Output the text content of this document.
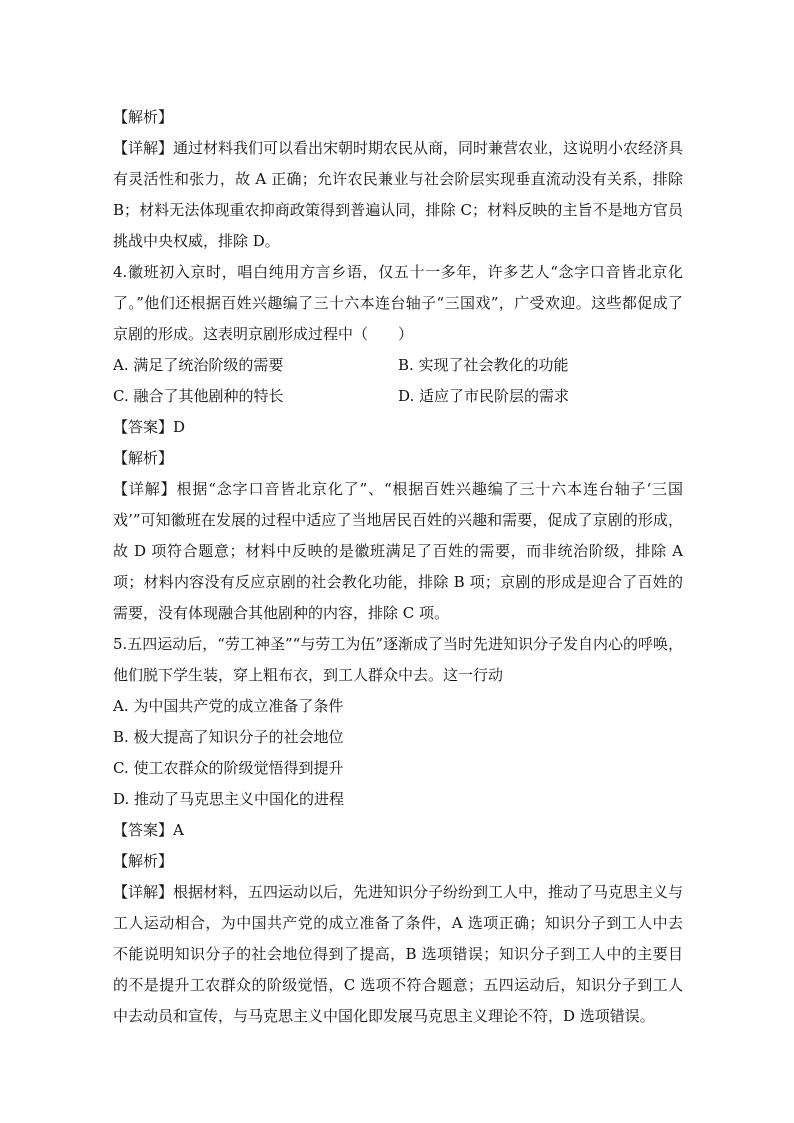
【解析】

【详解】通过材料我们可以看出宋朝时期农民从商，同时兼营农业，这说明小农经济具有灵活性和张力，故 A 正确；允许农民兼业与社会阶层实现垂直流动没有关系，排除 B；材料无法体现重农抑商政策得到普遍认同，排除 C；材料反映的主旨不是地方官员挑战中央权威，排除 D。

4.徽班初入京时，唱白纯用方言乡语，仅五十一多年，许多艺人“念字口音皆北京化了。”他们还根据百姓兴趣编了三十六本连台轴子“三国戏”，广受欢迎。这些都促成了京剧的形成。这表明京剧形成过程中（　　）

A. 满足了统治阶级的需要	B. 实现了社会教化的功能
C. 融合了其他剧种的特长	D. 适应了市民阶层的需求

【答案】D

【解析】

【详解】根据“念字口音皆北京化了”、“根据百姓兴趣编了三十六本连台轴子‘三国戏’”可知徽班在发展的过程中适应了当地居民百姓的兴趣和需要，促成了京剧的形成，故 D 项符合题意；材料中反映的是徽班满足了百姓的需要，而非统治阶级，排除 A 项；材料内容没有反应京剧的社会教化功能，排除 B 项；京剧的形成是迎合了百姓的需要，没有体现融合其他剧种的内容，排除 C 项。

5.五四运动后，“劳工神圣”“与劳工为伍”逐渐成了当时先进知识分子发自内心的呼唤，他们脱下学生装，穿上粗布衣，到工人群众中去。这一行动

A. 为中国共产党的成立准备了条件
B. 极大提高了知识分子的社会地位
C. 使工农群众的阶级觉悟得到提升
D. 推动了马克思主义中国化的进程

【答案】A

【解析】

【详解】根据材料，五四运动以后，先进知识分子纷纷到工人中，推动了马克思主义与工人运动相合，为中国共产党的成立准备了条件，A 选项正确；知识分子到工人中去不能说明知识分子的社会地位得到了提高，B 选项错误；知识分子到工人中的主要目的不是提升工农群众的阶级觉悟，C 选项不符合题意；五四运动后，知识分子到工人中去动员和宣传，与马克思主义中国化即发展马克思主义理论不符，D 选项错误。
